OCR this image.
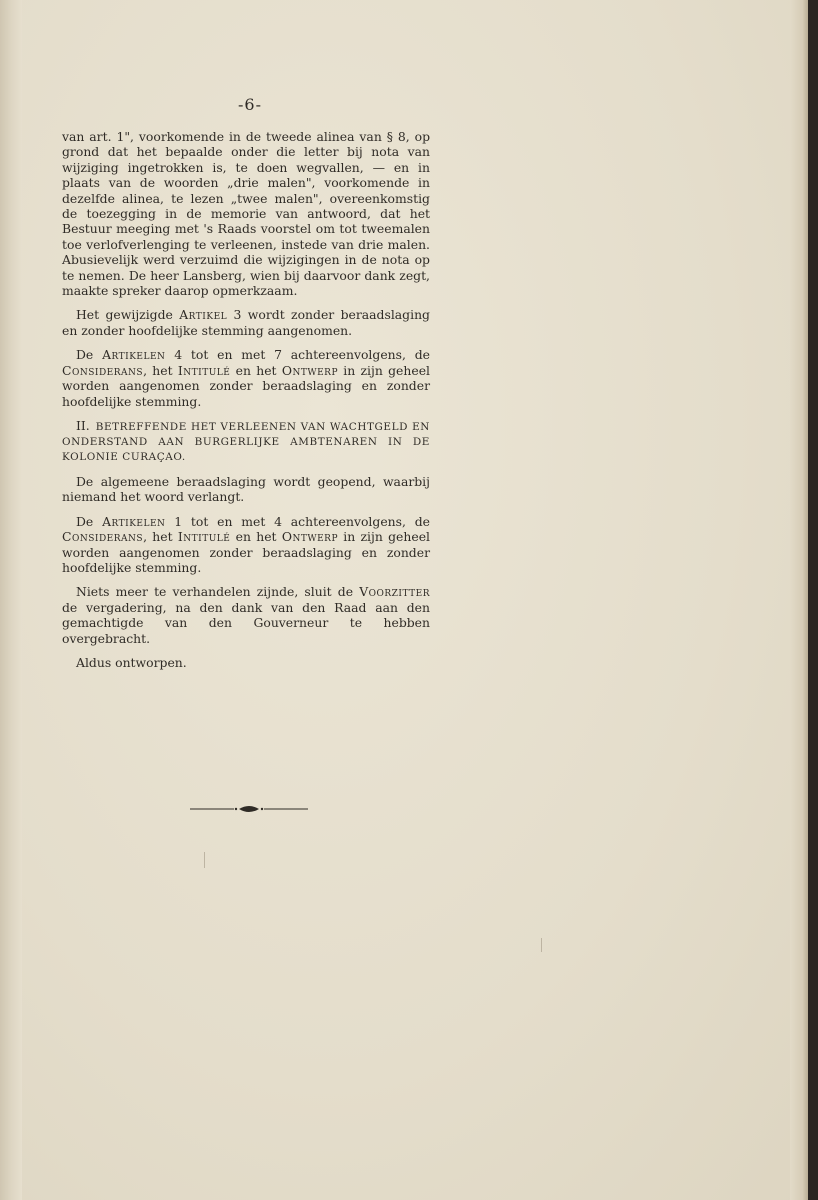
-6-

van art. 1", voorkomende in de tweede alinea van § 8, op grond dat het bepaalde onder die letter bij nota van wijziging ingetrokken is, te doen wegvallen, — en in plaats van de woorden „drie malen", voorkomende in dezelfde alinea, te lezen „twee malen", overeenkomstig de toezegging in de memorie van antwoord, dat het Bestuur meeging met 's Raads voorstel om tot tweemalen toe verlofverlenging te verleenen, instede van drie malen. Abusievelijk werd verzuimd die wijzigingen in de nota op te nemen. De heer Lansberg, wien bij daarvoor dank zegt, maakte spreker daarop opmerkzaam.

Het gewijzigde Artikel 3 wordt zonder beraadslaging en zonder hoofdelijke stemming aangenomen.

De Artikelen 4 tot en met 7 achtereenvolgens, de Considerans, het Intitulé en het Ontwerp in zijn geheel worden aangenomen zonder beraadslaging en zonder hoofdelijke stemming.

II. BETREFFENDE HET VERLEENEN VAN WACHTGELD EN ONDERSTAND AAN BURGERLIJKE AMBTENAREN IN DE KOLONIE CURAÇAO.

De algemeene beraadslaging wordt geopend, waarbij niemand het woord verlangt.

De Artikelen 1 tot en met 4 achtereenvolgens, de Considerans, het Intitulé en het Ontwerp in zijn geheel worden aangenomen zonder beraadslaging en zonder hoofdelijke stemming.

Niets meer te verhandelen zijnde, sluit de Voorzitter de vergadering, na den dank van den Raad aan den gemachtigde van den Gouverneur te hebben overgebracht.

Aldus ontworpen.
